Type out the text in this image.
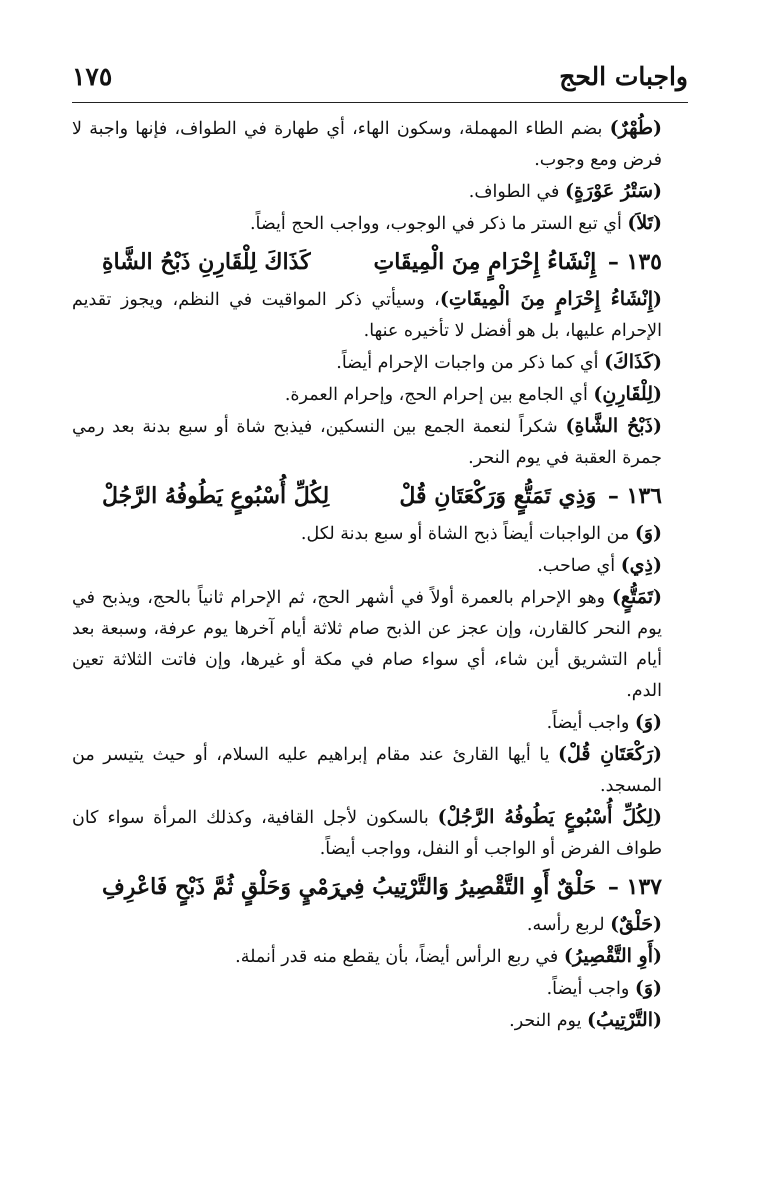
واجبات الحج
١٧٥

(طُهْرٌ) بضم الطاء المهملة، وسكون الهاء، أي طهارة في الطواف، فإنها واجبة لا فرض ومع وجوب.

(سَتْرُ عَوْرَةٍ) في الطواف.

(تَلاَ) أي تبع الستر ما ذكر في الوجوب، وواجب الحج أيضاً.

١٣٥ – إِنْشَاءُ إِحْرَامٍ مِنَ الْمِيقَاتِ
كَذَاكَ لِلْقَارِنِ ذَبْحُ الشَّاةِ

(إِنْشَاءُ إِحْرَامٍ مِنَ الْمِيقَاتِ)، وسيأتي ذكر المواقيت في النظم، ويجوز تقديم الإحرام عليها، بل هو أفضل لا تأخيره عنها.

(كَذَاكَ) أي كما ذكر من واجبات الإحرام أيضاً.

(لِلْقَارِنِ) أي الجامع بين إحرام الحج، وإحرام العمرة.

(ذَبْحُ الشَّاةِ) شكراً لنعمة الجمع بين النسكين، فيذبح شاة أو سبع بدنة بعد رمي جمرة العقبة في يوم النحر.

١٣٦ – وَذِي تَمَتُّعٍ وَرَكْعَتَانِ قُلْ
لِكُلِّ أُسْبُوعٍ يَطُوفُهُ الرَّجُلْ

(وَ) من الواجبات أيضاً ذبح الشاة أو سبع بدنة لكل.

(ذِي) أي صاحب.

(تَمَتُّعٍ) وهو الإحرام بالعمرة أولاً في أشهر الحج، ثم الإحرام ثانياً بالحج، ويذبح في يوم النحر كالقارن، وإن عجز عن الذبح صام ثلاثة أيام آخرها يوم عرفة، وسبعة بعد أيام التشريق أين شاء، أي سواء صام في مكة أو غيرها، وإن فاتت الثلاثة تعين الدم.

(وَ) واجب أيضاً.

(رَكْعَتَانِ قُلْ) يا أيها القارئ عند مقام إبراهيم عليه السلام، أو حيث يتيسر من المسجد.

(لِكُلِّ أُسْبُوعٍ يَطُوفُهُ الرَّجُلْ) بالسكون لأجل القافية، وكذلك المرأة سواء كان طواف الفرض أو الواجب أو النفل، وواجب أيضاً.

١٣٧ – حَلْقٌ أَوِ التَّقْصِيرُ وَالتَّرْتِيبُ فِي
رَمْيٍ وَحَلْقٍ ثُمَّ ذَبْحٍ فَاعْرِفِ

(حَلْقٌ) لربع رأسه.

(أَوِ التَّقْصِيرُ) في ربع الرأس أيضاً، بأن يقطع منه قدر أنملة.

(وَ) واجب أيضاً.

(التَّرْتِيبُ) يوم النحر.
